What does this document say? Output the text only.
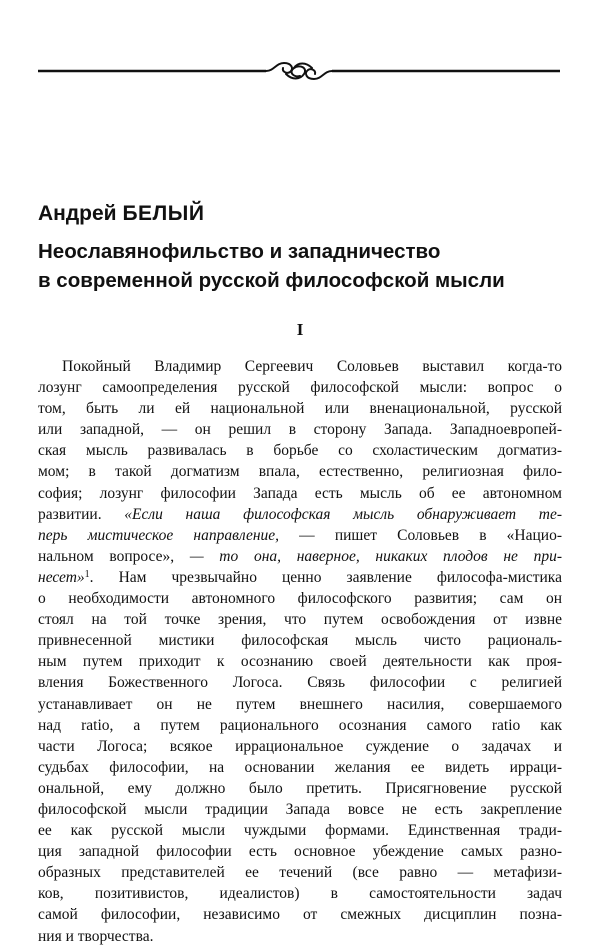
Андрей БЕЛЫЙ
Неославянофильство и западничество
в современной русской философской мысли
I
Покойный Владимир Сергеевич Соловьев выставил когда-то
лозунг самоопределения русской философской мысли: вопрос о
том, быть ли ей национальной или вненациональной, русской
или западной, — он решил в сторону Запада. Западноевропей-
ская мысль развивалась в борьбе со схоластическим догматиз-
мом; в такой догматизм впала, естественно, религиозная фило-
софия; лозунг философии Запада есть мысль об ее автономном
развитии. «Если наша философская мысль обнаруживает те-
перь мистическое направление, — пишет Соловьев в «Нацио-
нальном вопросе», — то она, наверное, никаких плодов не при-
несет»$^1$. Нам чрезвычайно ценно заявление философа-мистика
о необходимости автономного философского развития; сам он
стоял на той точке зрения, что путем освобождения от извне
привнесенной мистики философская мысль чисто рациональ-
ным путем приходит к осознанию своей деятельности как проя-
вления Божественного Логоса. Связь философии с религией
устанавливает он не путем внешнего насилия, совершаемого
над ratio, а путем рационального осознания самого ratio как
части Логоса; всякое иррациональное суждение о задачах и
судьбах философии, на основании желания ее видеть ирраци-
ональной, ему должно было претить. Присягновение русской
философской мысли традиции Запада вовсе не есть закрепление
ее как русской мысли чуждыми формами. Единственная тради-
ция западной философии есть основное убеждение самых разно-
образных представителей ее течений (все равно — метафизи-
ков, позитивистов, идеалистов) в самостоятельности задач
самой философии, независимо от смежных дисциплин позна-
ния и творчества.
